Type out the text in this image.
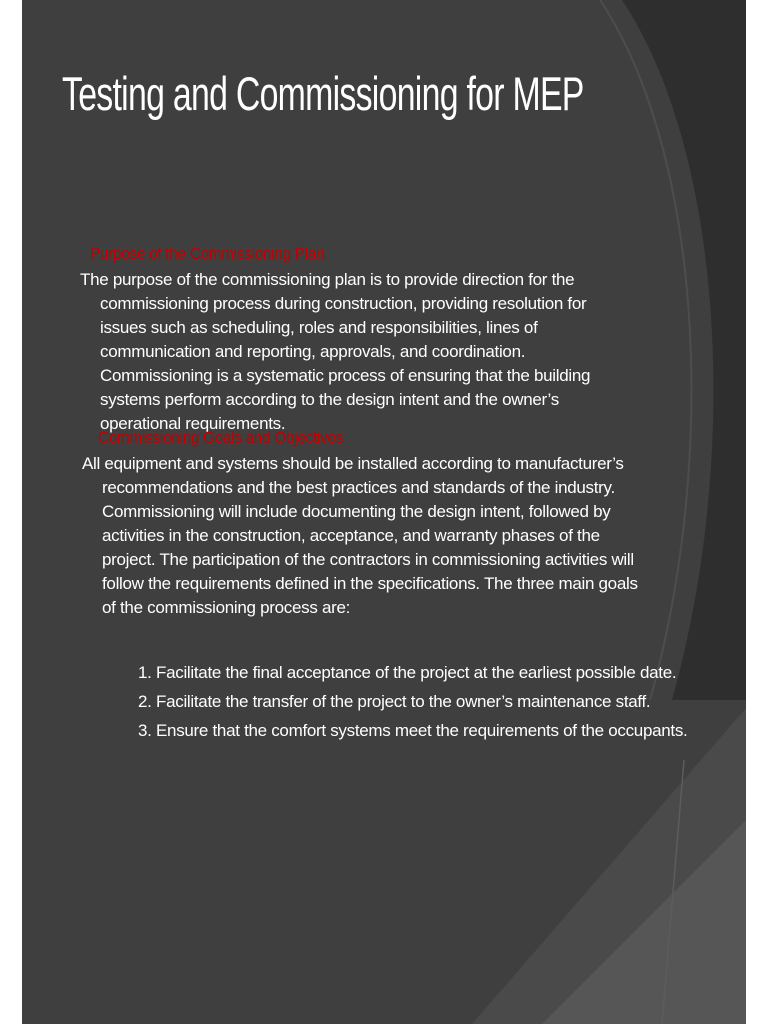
Testing and Commissioning for MEP
Purpose of the Commissioning Plan
The purpose of the commissioning plan is to provide direction for the commissioning process during construction, providing resolution for issues such as scheduling, roles and responsibilities, lines of communication and reporting, approvals, and coordination. Commissioning is a systematic process of ensuring that the building systems perform according to the design intent and the owner’s operational requirements.
Commissioning Goals and Objectives
All equipment and systems should be installed according to manufacturer’s recommendations and the best practices and standards of the industry. Commissioning will include documenting the design intent, followed by activities in the construction, acceptance, and warranty phases of the project. The participation of the contractors in commissioning activities will follow the requirements defined in the specifications. The three main goals of the commissioning process are:
1. Facilitate the final acceptance of the project at the earliest possible date.
2. Facilitate the transfer of the project to the owner’s maintenance staff.
3. Ensure that the comfort systems meet the requirements of the occupants.
